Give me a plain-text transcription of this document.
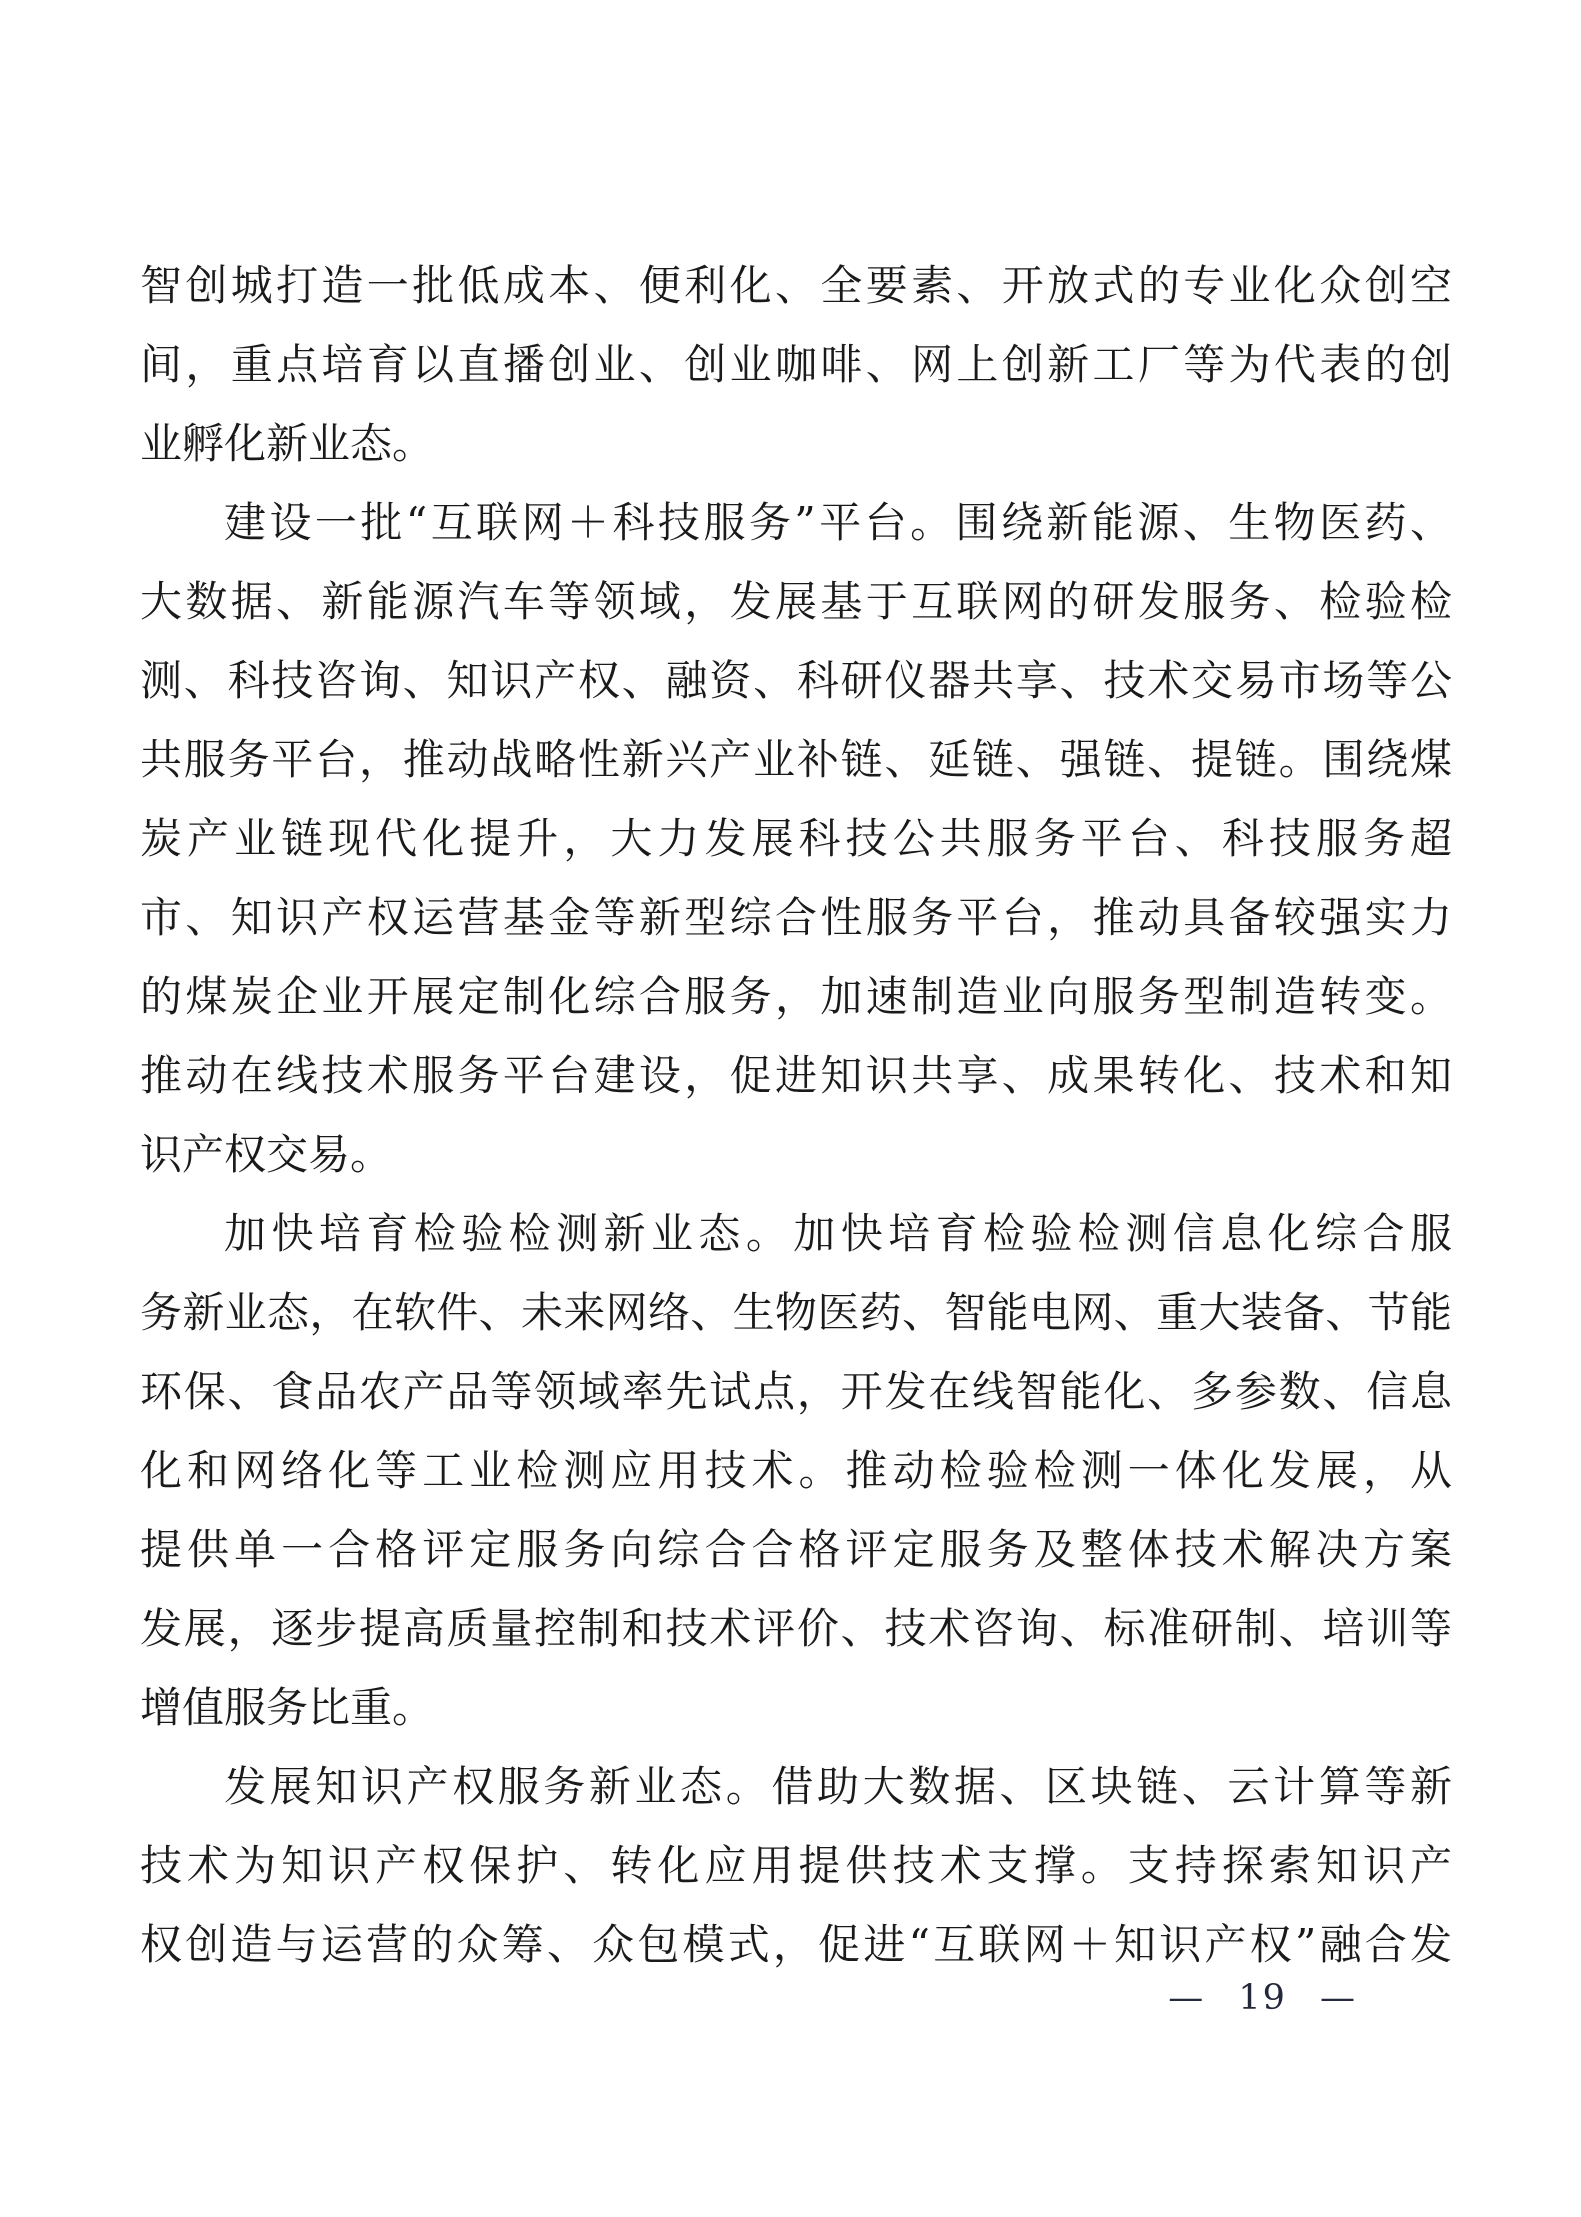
智创城打造一批低成本、便利化、全要素、开放式的专业化众创空
间，重点培育以直播创业、创业咖啡、网上创新工厂等为代表的创
业孵化新业态。
建设一批“互联网＋科技服务”平台。围绕新能源、生物医药、
大数据、新能源汽车等领域，发展基于互联网的研发服务、检验检
测、科技咨询、知识产权、融资、科研仪器共享、技术交易市场等公
共服务平台，推动战略性新兴产业补链、延链、强链、提链。围绕煤
炭产业链现代化提升，大力发展科技公共服务平台、科技服务超
市、知识产权运营基金等新型综合性服务平台，推动具备较强实力
的煤炭企业开展定制化综合服务，加速制造业向服务型制造转变。
推动在线技术服务平台建设，促进知识共享、成果转化、技术和知
识产权交易。
加快培育检验检测新业态。加快培育检验检测信息化综合服
务新业态，在软件、未来网络、生物医药、智能电网、重大装备、节能
环保、食品农产品等领域率先试点，开发在线智能化、多参数、信息
化和网络化等工业检测应用技术。推动检验检测一体化发展，从
提供单一合格评定服务向综合合格评定服务及整体技术解决方案
发展，逐步提高质量控制和技术评价、技术咨询、标准研制、培训等
增值服务比重。
发展知识产权服务新业态。借助大数据、区块链、云计算等新
技术为知识产权保护、转化应用提供技术支撑。支持探索知识产
权创造与运营的众筹、众包模式，促进“互联网＋知识产权”融合发
— 19 —
